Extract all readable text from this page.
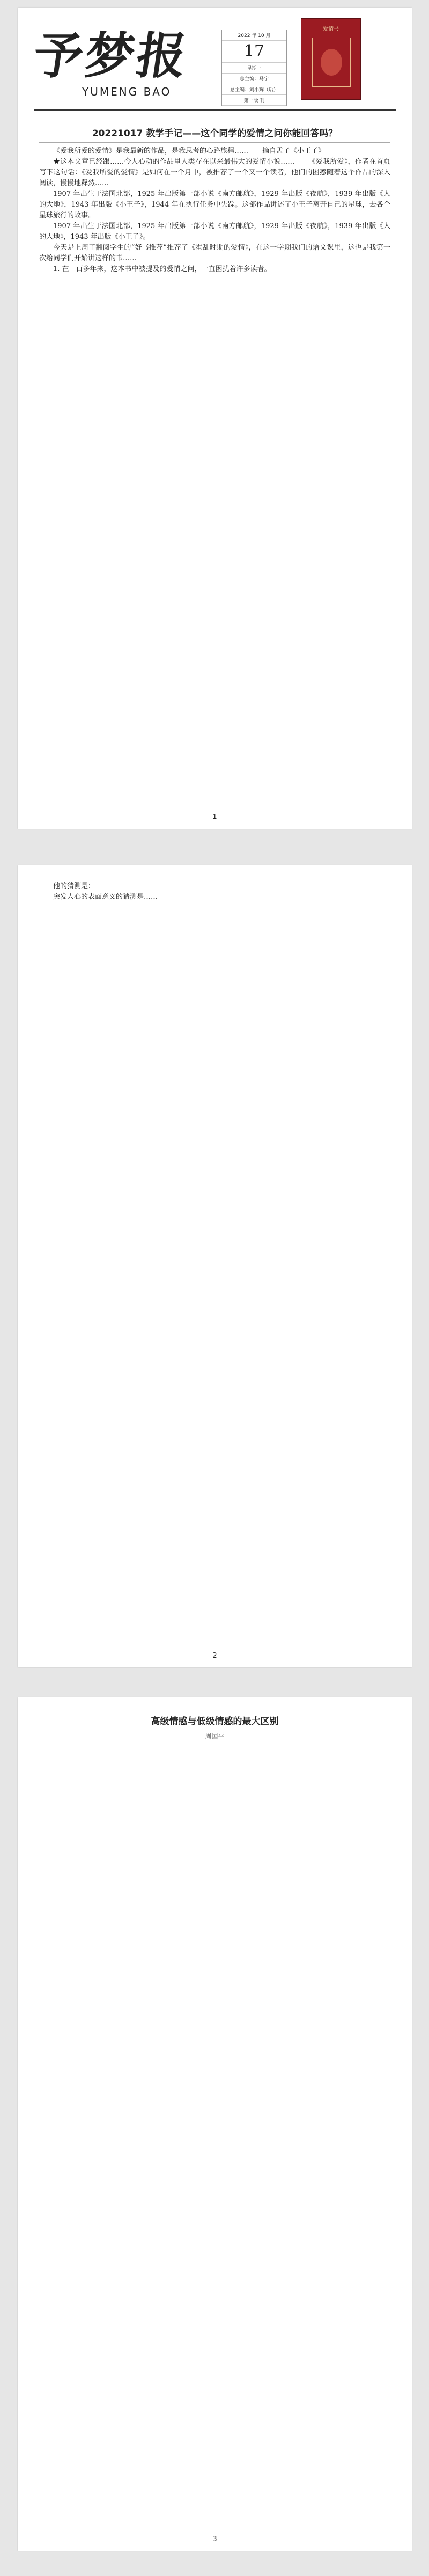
予梦报
YUMENG BAO
2022 年 10 月
17
星期一
总主编：马宁
总主编：刘小辉（后）
第一版 刊
爱情书
20221017 教学手记——这个同学的爱情之问你能回答吗？

《爱我所爱的爱情》是我最新的作品，是我思考的心路旅程……——摘自孟子《小王子》

★这本文章已经跟……今人心动的作品里人类存在以来最伟大的爱情小说……——《爱我所爱》，作者在首页写下这句话：《爱我所爱的爱情》是如何在一个月中，被推荐了一个又一个读者，他们的困惑随着这个作品的深入阅读，慢慢地释然……

1907 年出生于法国北部，1925 年出版第一部小说《南方邮航》，1929 年出版《夜航》，1939 年出版《人的大地》，1943 年出版《小王子》，1944 年在执行任务中失踪。这部作品讲述了小王子离开自己的星球，去各个星球旅行的故事。

1907 年出生于法国北部，1925 年出版第一部小说《南方邮航》，1929 年出版《夜航》，1939 年出版《人的大地》，1943 年出版《小王子》。

今天是上周了翻阅学生的“好书推荐”推荐了《霍乱时期的爱情》，在这一学期我们的语文课里，这也是我第一次给同学们开始讲这样的书……

1. 在一百多年来，这本书中被提及的爱情之问，一直困扰着许多读者。

1

他的猜测是：

突发人心的表面意义的猜测是……

2
高级情感与低级情感的最大区别
周国平
3
